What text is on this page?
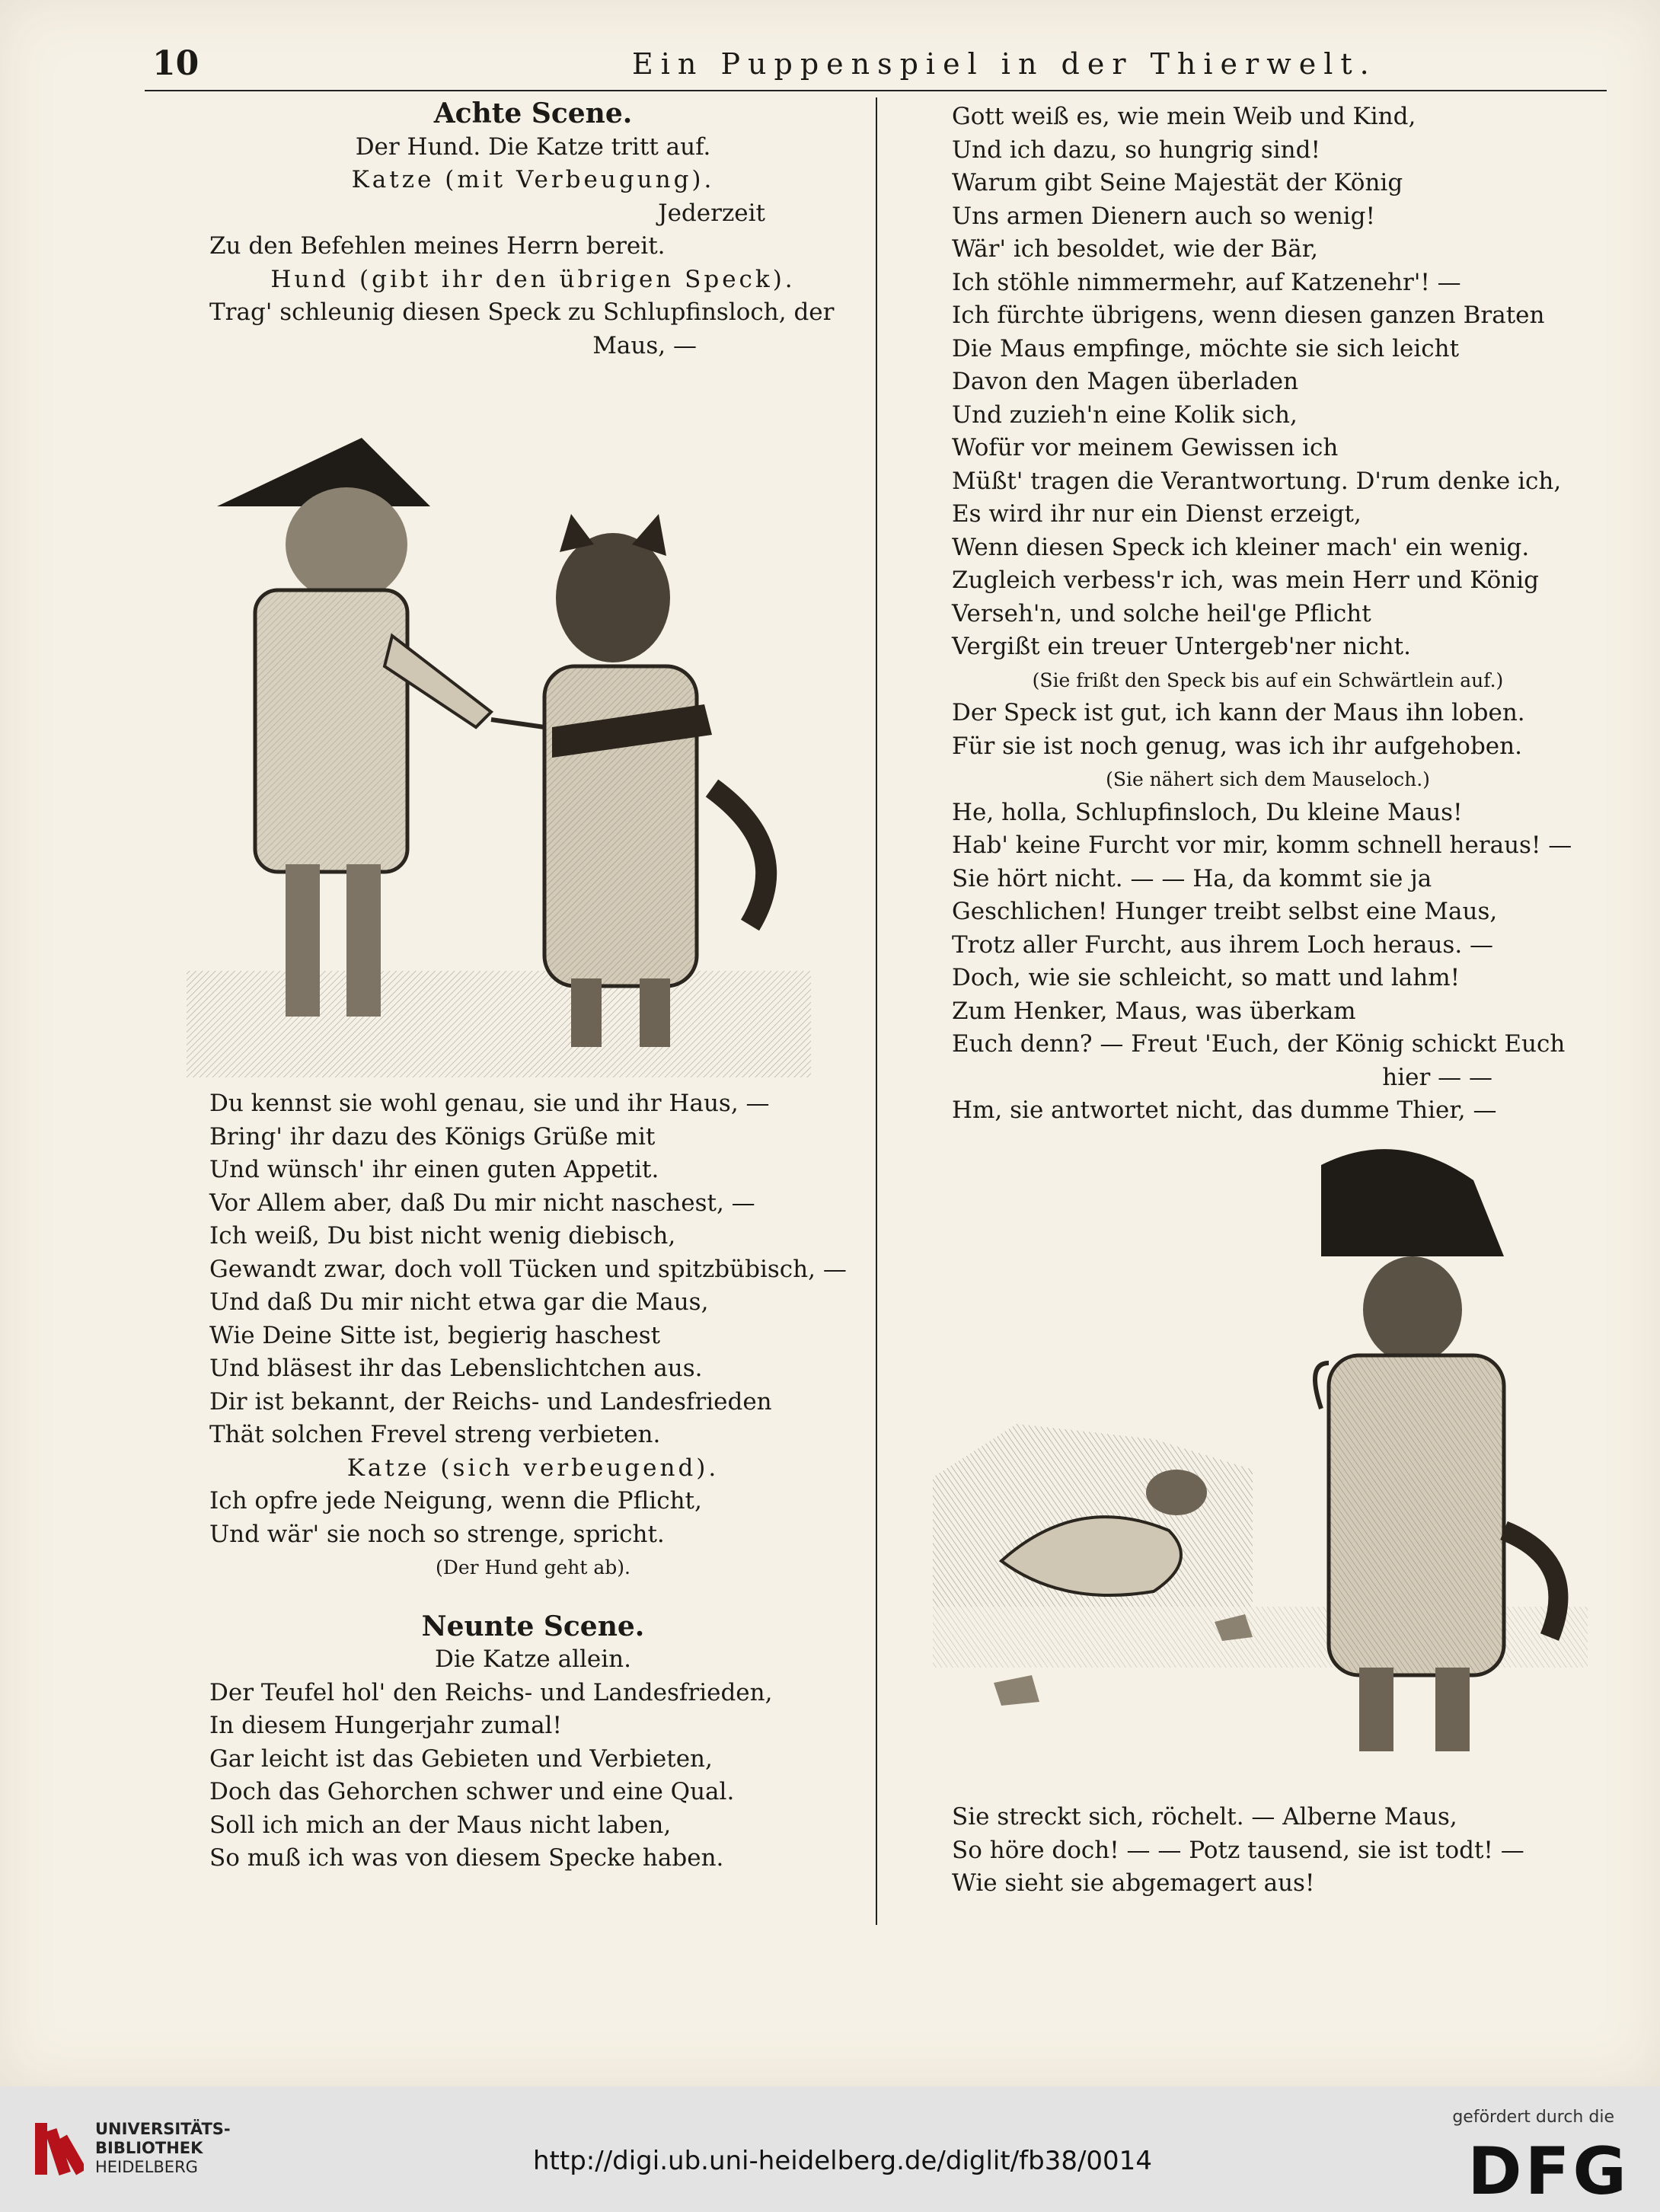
10	Ein Puppenspiel in der Thierwelt.
Achte Scene.
Der Hund. Die Katze tritt auf.
Katze (mit Verbeugung).
Jederzeit
Zu den Befehlen meines Herrn bereit.
Hund (gibt ihr den übrigen Speck).
Trag' schleunig diesen Speck zu Schlupfinsloch, der
Maus, —
Du kennst sie wohl genau, sie und ihr Haus, —
Bring' ihr dazu des Königs Grüße mit
Und wünsch' ihr einen guten Appetit.
Vor Allem aber, daß Du mir nicht naschest, —
Ich weiß, Du bist nicht wenig diebisch,
Gewandt zwar, doch voll Tücken und spitzbübisch, —
Und daß Du mir nicht etwa gar die Maus,
Wie Deine Sitte ist, begierig haschest
Und bläsest ihr das Lebenslichtchen aus.
Dir ist bekannt, der Reichs- und Landesfrieden
Thät solchen Frevel streng verbieten.
Katze (sich verbeugend).
Ich opfre jede Neigung, wenn die Pflicht,
Und wär' sie noch so strenge, spricht.
(Der Hund geht ab).
Neunte Scene.
Die Katze allein.
Der Teufel hol' den Reichs- und Landesfrieden,
In diesem Hungerjahr zumal!
Gar leicht ist das Gebieten und Verbieten,
Doch das Gehorchen schwer und eine Qual.
Soll ich mich an der Maus nicht laben,
So muß ich was von diesem Specke haben.
Gott weiß es, wie mein Weib und Kind,
Und ich dazu, so hungrig sind!
Warum gibt Seine Majestät der König
Uns armen Dienern auch so wenig!
Wär' ich besoldet, wie der Bär,
Ich stöhle nimmermehr, auf Katzenehr'! —
Ich fürchte übrigens, wenn diesen ganzen Braten
Die Maus empfinge, möchte sie sich leicht
Davon den Magen überladen
Und zuzieh'n eine Kolik sich,
Wofür vor meinem Gewissen ich
Müßt' tragen die Verantwortung. D'rum denke ich,
Es wird ihr nur ein Dienst erzeigt,
Wenn diesen Speck ich kleiner mach' ein wenig.
Zugleich verbess'r ich, was mein Herr und König
Verseh'n, und solche heil'ge Pflicht
Vergißt ein treuer Untergeb'ner nicht.
(Sie frißt den Speck bis auf ein Schwärtlein auf.)
Der Speck ist gut, ich kann der Maus ihn loben.
Für sie ist noch genug, was ich ihr aufgehoben.
(Sie nähert sich dem Mauseloch.)
He, holla, Schlupfinsloch, Du kleine Maus!
Hab' keine Furcht vor mir, komm schnell heraus! —
Sie hört nicht. — — Ha, da kommt sie ja
Geschlichen! Hunger treibt selbst eine Maus,
Trotz aller Furcht, aus ihrem Loch heraus. —
Doch, wie sie schleicht, so matt und lahm!
Zum Henker, Maus, was überkam
Euch denn? — Freut 'Euch, der König schickt Euch
hier — —
Hm, sie antwortet nicht, das dumme Thier, —
Sie streckt sich, röchelt. — Alberne Maus,
So höre doch! — — Potz tausend, sie ist todt! —
Wie sieht sie abgemagert aus!
UNIVERSITÄTS-
BIBLIOTHEK
HEIDELBERG	http://digi.ub.uni-heidelberg.de/diglit/fb38/0014
gefördert durch die
DFG
